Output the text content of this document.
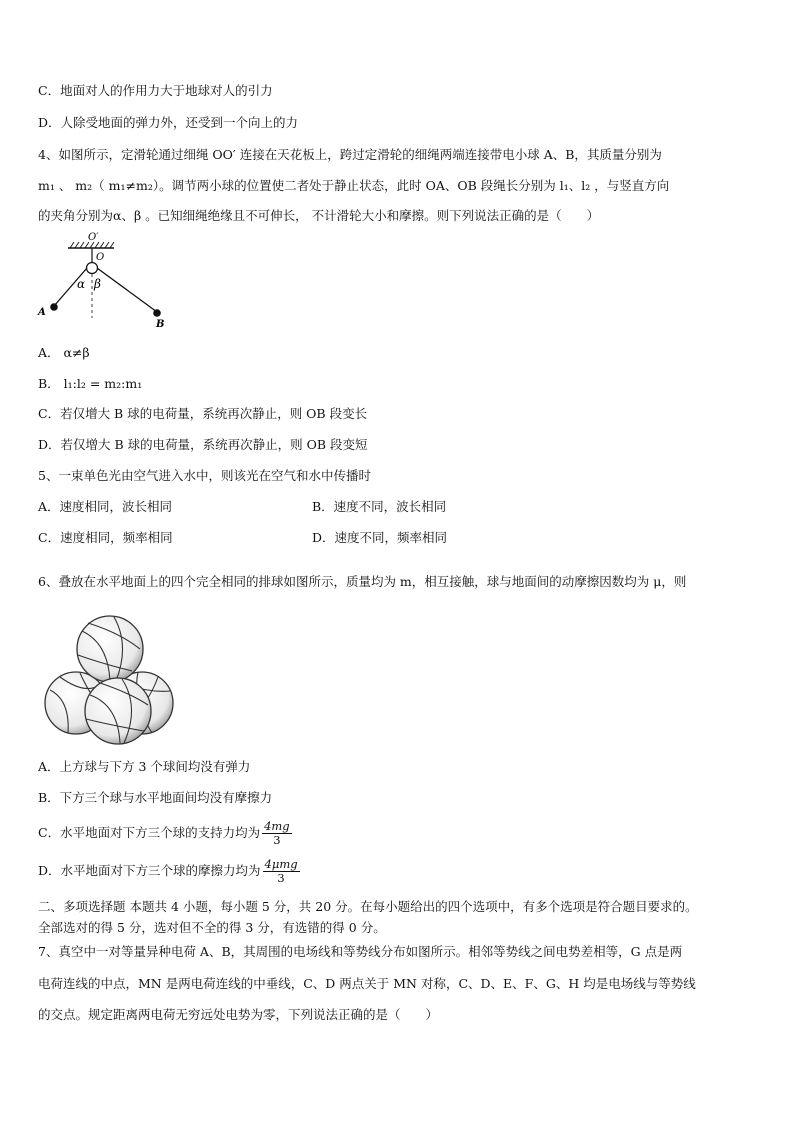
C．地面对人的作用力大于地球对人的引力
D．人除受地面的弹力外，还受到一个向上的力
4、如图所示，定滑轮通过细绳 OO′ 连接在天花板上，跨过定滑轮的细绳两端连接带电小球 A、B，其质量分别为
m₁ 、 m₂（ m₁≠m₂）。调节两小球的位置使二者处于静止状态，此时 OA、OB 段绳长分别为 l₁、l₂ ，与竖直方向
的夹角分别为α、β 。已知细绳绝缘且不可伸长， 不计滑轮大小和摩擦。则下列说法正确的是（　　）
O′
O
α β
A
B
A． α≠β
B． l₁:l₂ = m₂:m₁
C．若仅增大 B 球的电荷量，系统再次静止，则 OB 段变长
D．若仅增大 B 球的电荷量，系统再次静止，则 OB 段变短
5、一束单色光由空气进入水中，则该光在空气和水中传播时
A．速度相同，波长相同	B．速度不同，波长相同
C．速度相同，频率相同	D．速度不同，频率相同
6、叠放在水平地面上的四个完全相同的排球如图所示，质量均为 m，相互接触，球与地面间的动摩擦因数均为 μ，则
A．上方球与下方 3 个球间均没有弹力
B．下方三个球与水平地面间均没有摩擦力
C．水平地面对下方三个球的支持力均为 $\frac{4mg}{3}$
D．水平地面对下方三个球的摩擦力均为 $\frac{\text{4μmg}}{3}$
二、多项选择题 本题共 4 小题，每小题 5 分，共 20 分。在每小题给出的四个选项中，有多个选项是符合题目要求的。
全部选对的得 5 分，选对但不全的得 3 分，有选错的得 0 分。
7、真空中一对等量异种电荷 A、B，其周围的电场线和等势线分布如图所示。相邻等势线之间电势差相等，G 点是两
电荷连线的中点，MN 是两电荷连线的中垂线，C、D 两点关于 MN 对称，C、D、E、F、G、H 均是电场线与等势线
的交点。规定距离两电荷无穷远处电势为零，下列说法正确的是（　　）
